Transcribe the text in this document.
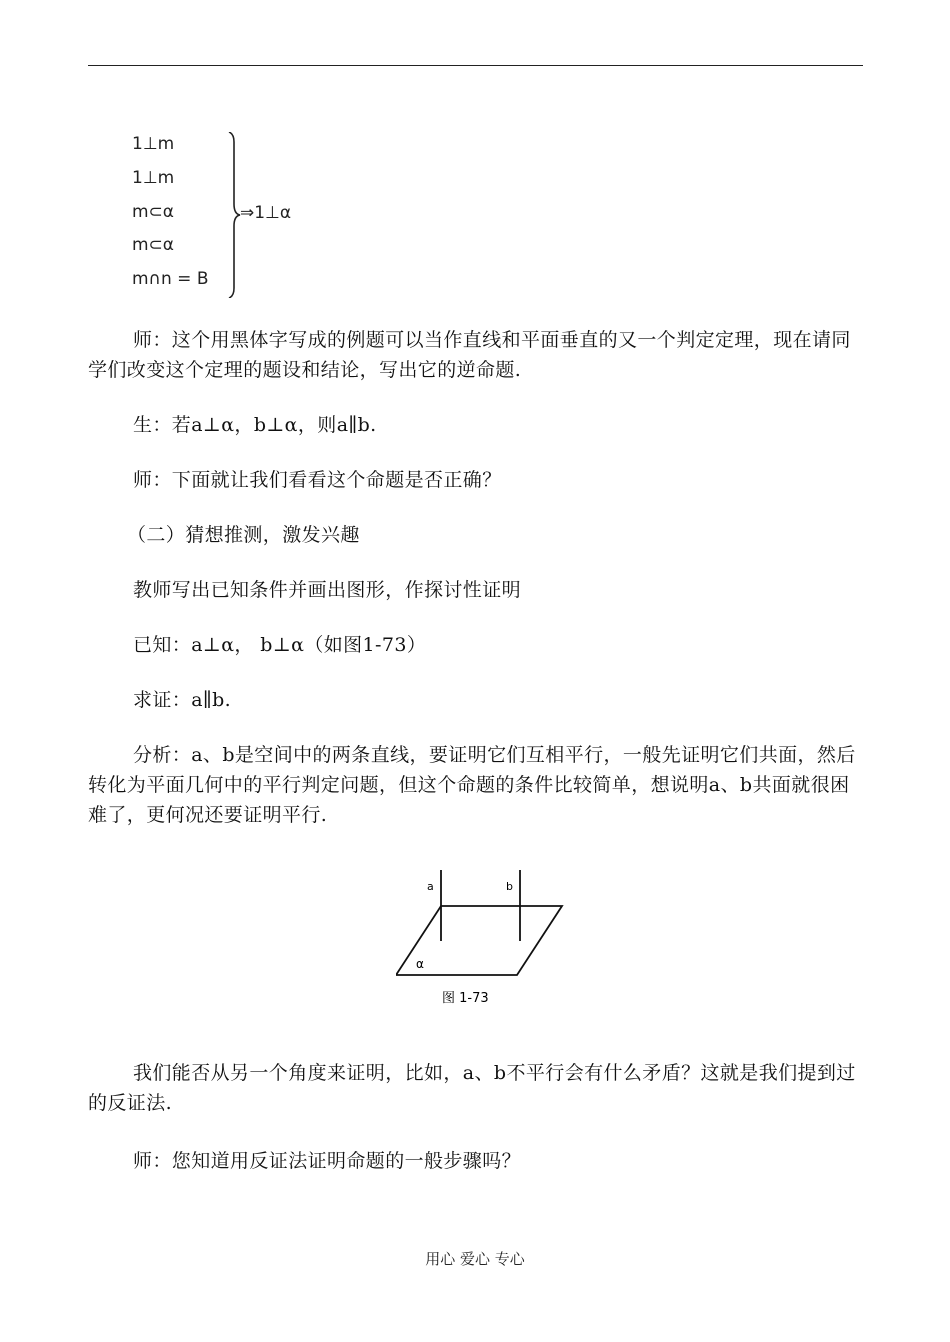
1⊥m
1⊥m
m⊂α
m⊂α
m∩n = B
⇒1⊥α
师：这个用黑体字写成的例题可以当作直线和平面垂直的又一个判定定理，现在请同学们改变这个定理的题设和结论，写出它的逆命题.
生：若a⊥α，b⊥α，则a∥b.
师：下面就让我们看看这个命题是否正确？
（二）猜想推测，激发兴趣
教师写出已知条件并画出图形，作探讨性证明
已知：a⊥α， b⊥α（如图1-73）
求证：a∥b.
分析：a、b是空间中的两条直线，要证明它们互相平行，一般先证明它们共面，然后转化为平面几何中的平行判定问题，但这个命题的条件比较简单，想说明a、b共面就很困难了，更何况还要证明平行.
a	b
α
图 1-73
我们能否从另一个角度来证明，比如，a、b不平行会有什么矛盾？这就是我们提到过的反证法.
师：您知道用反证法证明命题的一般步骤吗？
用心 爱心 专心
